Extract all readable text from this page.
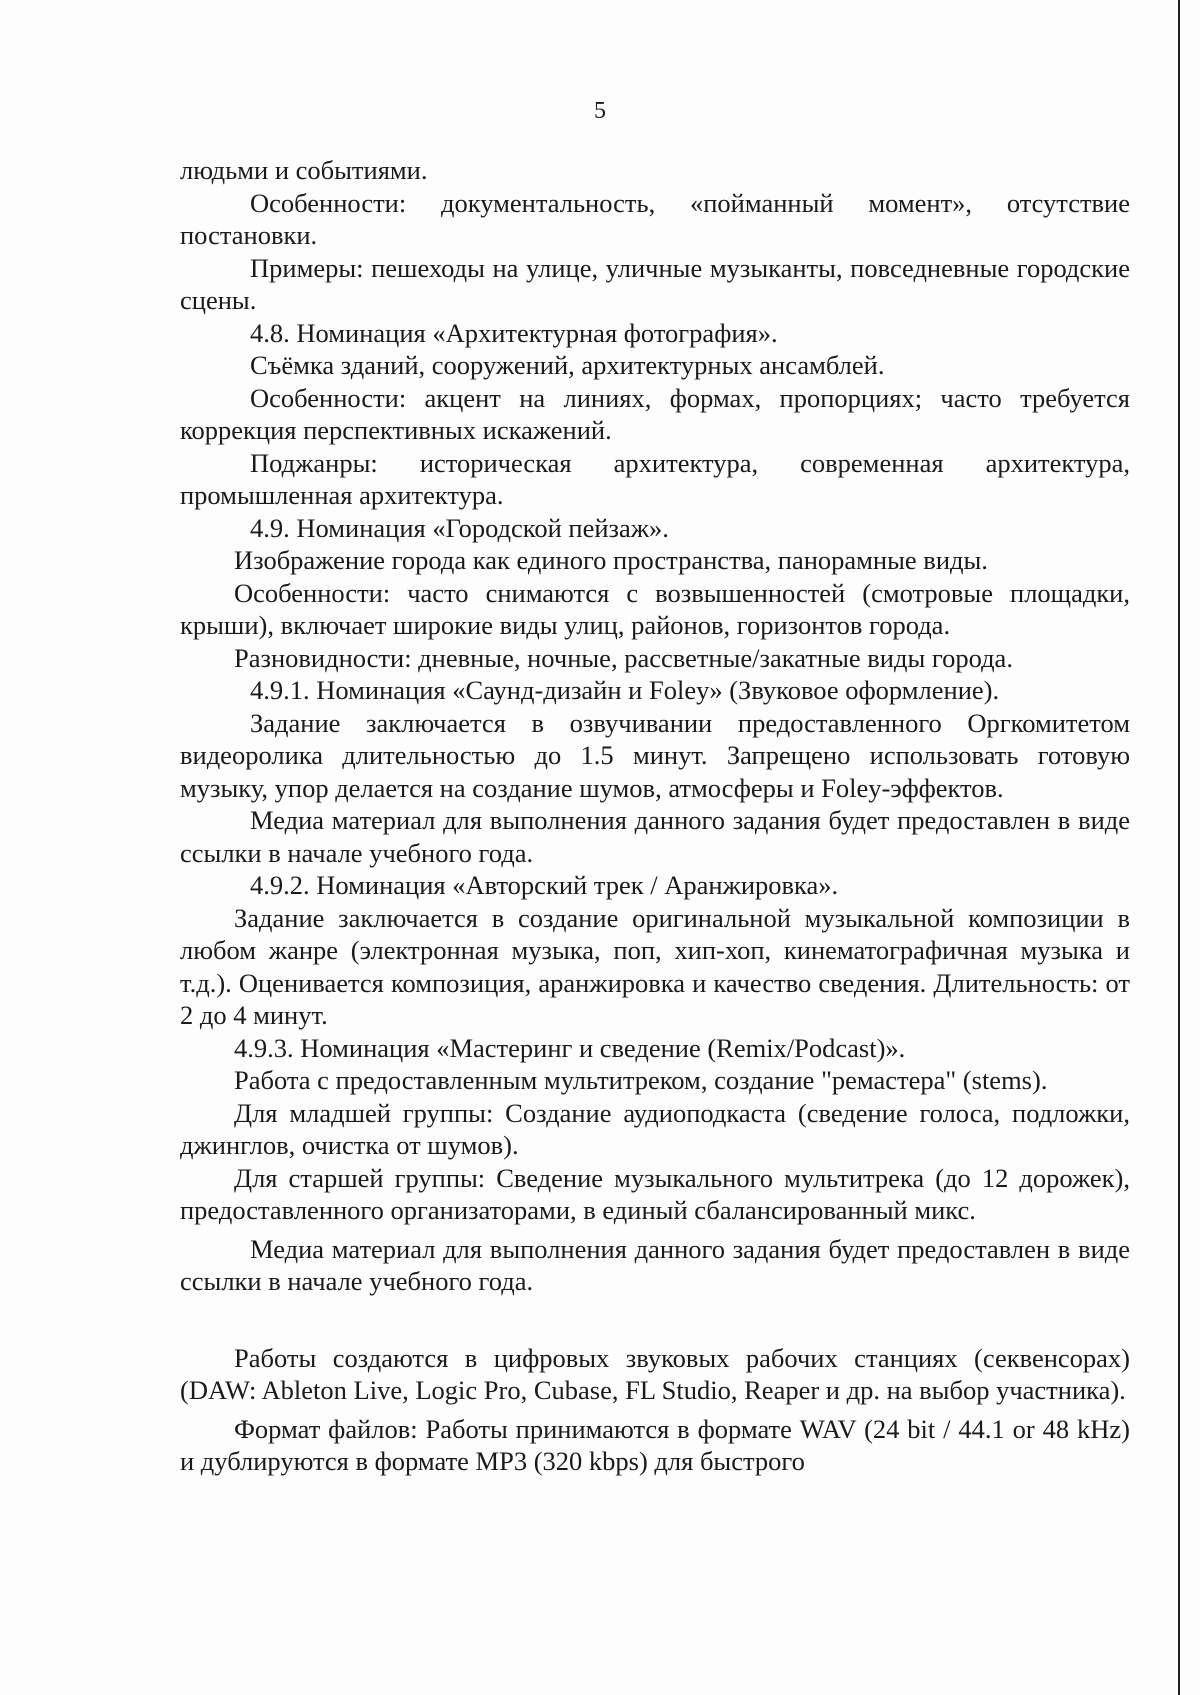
5

людьми и событиями.

Особенности: документальность, «пойманный момент», отсутствие постановки.

Примеры: пешеходы на улице, уличные музыканты, повседневные городские сцены.

4.8. Номинация «Архитектурная фотография».

Съёмка зданий, сооружений, архитектурных ансамблей.

Особенности: акцент на линиях, формах, пропорциях; часто требуется коррекция перспективных искажений.

Поджанры: историческая архитектура, современная архитектура, промышленная архитектура.

4.9. Номинация «Городской пейзаж».

Изображение города как единого пространства, панорамные виды.

Особенности: часто снимаются с возвышенностей (смотровые площадки, крыши), включает широкие виды улиц, районов, горизонтов города.

Разновидности: дневные, ночные, рассветные/закатные виды города.

4.9.1. Номинация «Саунд-дизайн и Foley» (Звуковое оформление).

Задание заключается в озвучивании предоставленного Оргкомитетом видеоролика длительностью до 1.5 минут. Запрещено использовать готовую музыку, упор делается на создание шумов, атмосферы и Foley-эффектов.

Медиа материал для выполнения данного задания будет предоставлен в виде ссылки в начале учебного года.

4.9.2. Номинация «Авторский трек / Аранжировка».

Задание заключается в создание оригинальной музыкальной композиции в любом жанре (электронная музыка, поп, хип-хоп, кинематографичная музыка и т.д.). Оценивается композиция, аранжировка и качество сведения. Длительность: от 2 до 4 минут.

4.9.3. Номинация «Мастеринг и сведение (Remix/Podcast)».

Работа с предоставленным мультитреком, создание "ремастера" (stems).

Для младшей группы: Создание аудиоподкаста (сведение голоса, подложки, джинглов, очистка от шумов).

Для старшей группы: Сведение музыкального мультитрека (до 12 дорожек), предоставленного организаторами, в единый сбалансированный микс.

Медиа материал для выполнения данного задания будет предоставлен в виде ссылки в начале учебного года.

Работы создаются в цифровых звуковых рабочих станциях (секвенсорах) (DAW: Ableton Live, Logic Pro, Cubase, FL Studio, Reaper и др. на выбор участника).

Формат файлов: Работы принимаются в формате WAV (24 bit / 44.1 or 48 kHz) и дублируются в формате MP3 (320 kbps) для быстрого
